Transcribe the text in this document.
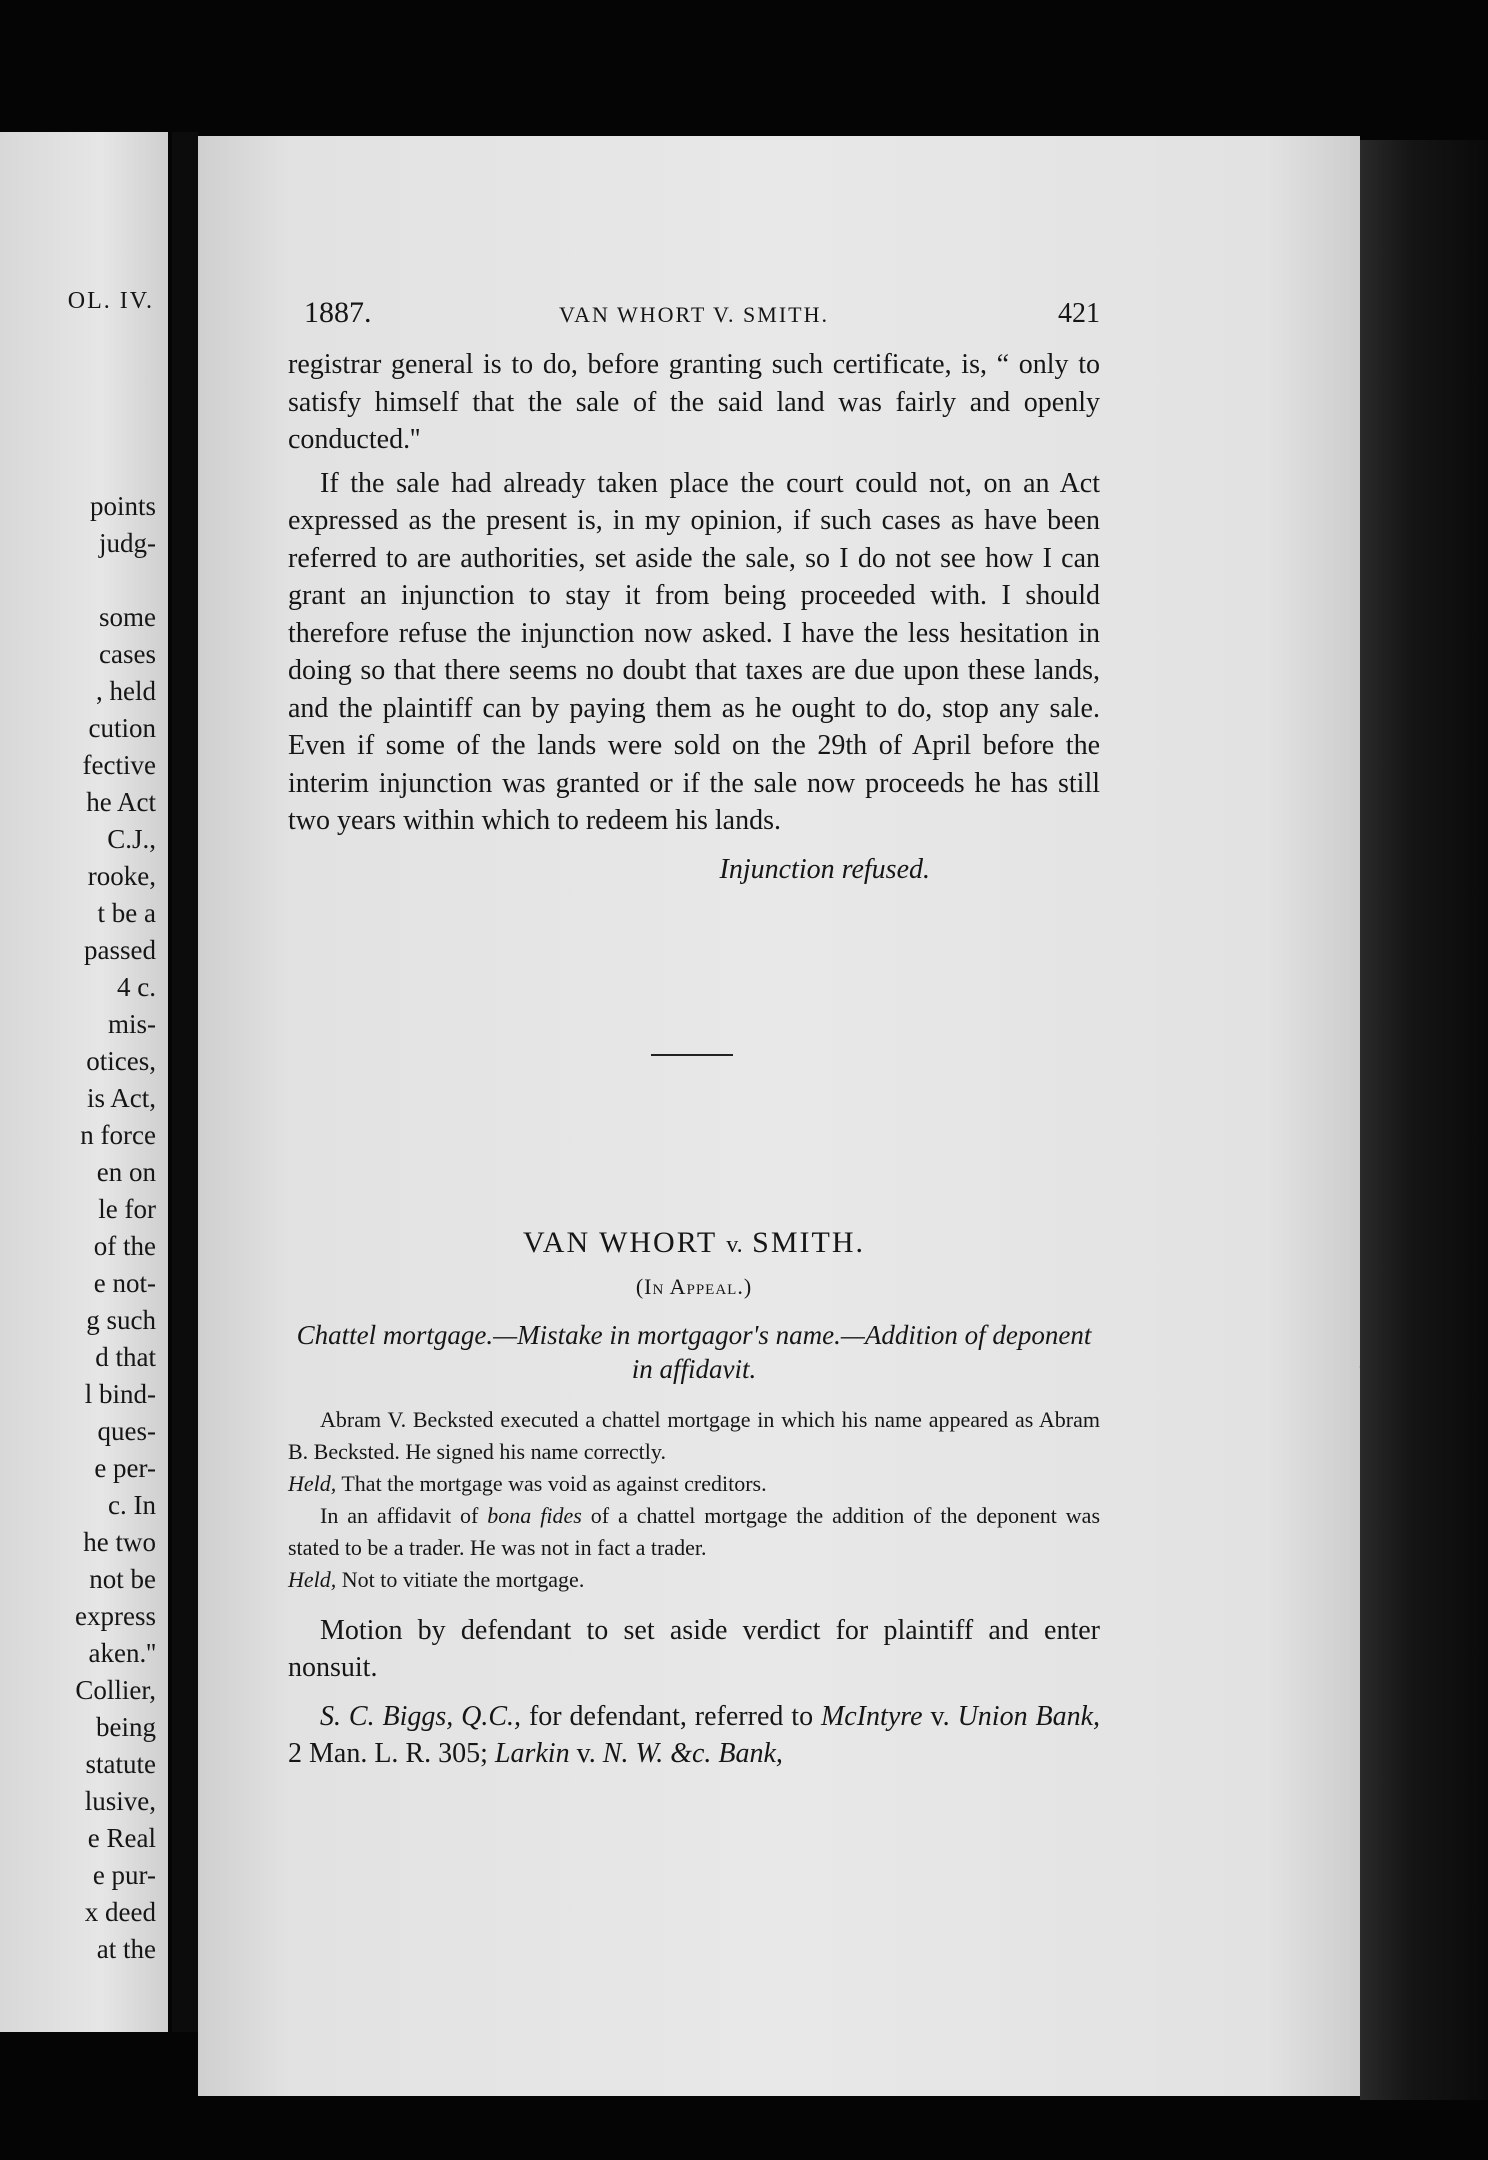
OL. IV.
points
judg-

some
cases
, held
cution
fective
he Act
C.J.,
rooke,
t be a
passed
4 c.
mis-
otices,
is Act,
n force
en on
le for
of the
e not-
g such
d that
l bind-
ques-
e per-
c. In
he two
not be
express
aken.''
Collier,
being
statute
lusive,
e Real
e pur-
x deed
at the
1887.	VAN WHORT V. SMITH.	421

registrar general is to do, before granting such certificate, is, “ only to satisfy himself that the sale of the said land was fairly and openly conducted.''

If the sale had already taken place the court could not, on an Act expressed as the present is, in my opinion, if such cases as have been referred to are authorities, set aside the sale, so I do not see how I can grant an injunction to stay it from being proceeded with. I should therefore refuse the injunction now asked. I have the less hesitation in doing so that there seems no doubt that taxes are due upon these lands, and the plaintiff can by paying them as he ought to do, stop any sale. Even if some of the lands were sold on the 29th of April before the interim injunction was granted or if the sale now proceeds he has still two years within which to redeem his lands.

Injunction refused.

VAN WHORT v. SMITH.
(In Appeal.)
Chattel mortgage.—Mistake in mortgagor's name.—Addition of deponent in affidavit.

Abram V. Becksted executed a chattel mortgage in which his name appeared as Abram B. Becksted. He signed his name correctly.

Held, That the mortgage was void as against creditors.

In an affidavit of bona fides of a chattel mortgage the addition of the deponent was stated to be a trader. He was not in fact a trader.

Held, Not to vitiate the mortgage.

Motion by defendant to set aside verdict for plaintiff and enter nonsuit.

S. C. Biggs, Q.C., for defendant, referred to McIntyre v. Union Bank, 2 Man. L. R. 305; Larkin v. N. W. &c. Bank,
